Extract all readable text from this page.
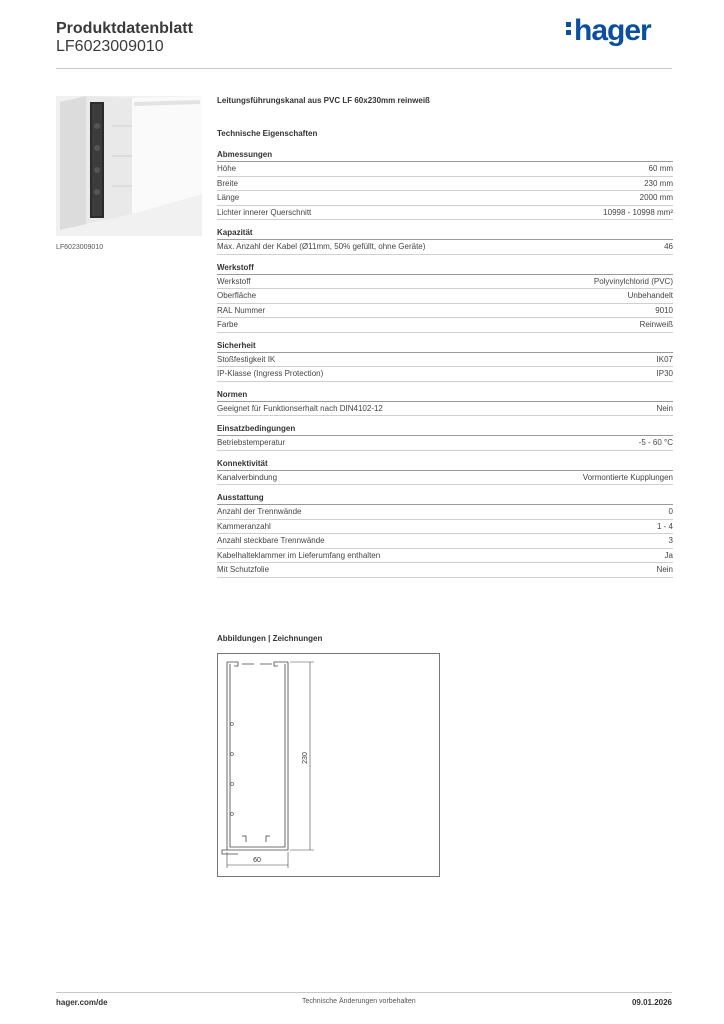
Produktdatenblatt
LF6023009010	hager
LF6023009010
Leitungsführungskanal aus PVC LF 60x230mm reinweiß
Technische Eigenschaften
Abmessungen
Höhe	60 mm
Breite	230 mm
Länge	2000 mm
Lichter innerer Querschnitt	10998 - 10998 mm²
Kapazität
Max. Anzahl der Kabel (Ø11mm, 50% gefüllt, ohne Geräte)	46
Werkstoff
Werkstoff	Polyvinylchlorid (PVC)
Oberfläche	Unbehandelt
RAL Nummer	9010
Farbe	Reinweiß
Sicherheit
Stoßfestigkeit IK	IK07
IP-Klasse (Ingress Protection)	IP30
Normen
Geeignet für Funktionserhalt nach DIN4102-12	Nein
Einsatzbedingungen
Betriebstemperatur	-5 - 60 °C
Konnektivität
Kanalverbindung	Vormontierte Kupplungen
Ausstattung
Anzahl der Trennwände	0
Kammeranzahl	1 - 4
Anzahl steckbare Trennwände	3
Kabelhalteklammer im Lieferumfang enthalten	Ja
Mit Schutzfolie	Nein
Abbildungen | Zeichnungen
230
60
hager.com/de	Technische Änderungen vorbehalten	09.01.2026
